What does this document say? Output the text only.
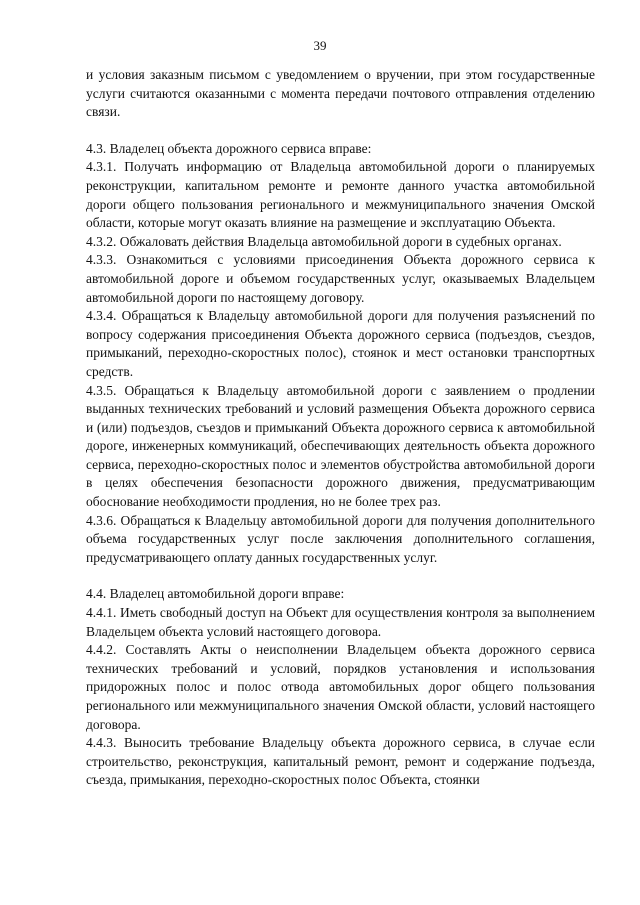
39

и условия заказным письмом с уведомлением о вручении, при этом государственные услуги считаются оказанными с момента передачи почтового отправления отделению связи.

4.3. Владелец объекта дорожного сервиса вправе:

4.3.1. Получать информацию от Владельца автомобильной дороги о планируемых реконструкции, капитальном ремонте и ремонте данного участка автомобильной дороги общего пользования регионального и межмуниципального значения Омской области, которые могут оказать влияние на размещение и эксплуатацию Объекта.

4.3.2. Обжаловать действия Владельца автомобильной дороги в судебных органах.

4.3.3. Ознакомиться с условиями присоединения Объекта дорожного сервиса к автомобильной дороге и объемом государственных услуг, оказываемых Владельцем автомобильной дороги по настоящему договору.

4.3.4. Обращаться к Владельцу автомобильной дороги для получения разъяснений по вопросу содержания присоединения Объекта дорожного сервиса (подъездов, съездов, примыканий, переходно-скоростных полос), стоянок и мест остановки транспортных средств.

4.3.5. Обращаться к Владельцу автомобильной дороги с заявлением о продлении выданных технических требований и условий размещения Объекта дорожного сервиса и (или) подъездов, съездов и примыканий Объекта дорожного сервиса к автомобильной дороге, инженерных коммуникаций, обеспечивающих деятельность объекта дорожного сервиса, переходно-скоростных полос и элементов обустройства автомобильной дороги в целях обеспечения безопасности дорожного движения, предусматривающим обоснование необходимости продления, но не более трех раз.

4.3.6. Обращаться к Владельцу автомобильной дороги для получения дополнительного объема государственных услуг после заключения дополнительного соглашения, предусматривающего оплату данных государственных услуг.

4.4. Владелец автомобильной дороги вправе:

4.4.1. Иметь свободный доступ на Объект для осуществления контроля за выполнением Владельцем объекта условий настоящего договора.

4.4.2. Составлять Акты о неисполнении Владельцем объекта дорожного сервиса технических требований и условий, порядков установления и использования придорожных полос и полос отвода автомобильных дорог общего пользования регионального или межмуниципального значения Омской области, условий настоящего договора.

4.4.3. Выносить требование Владельцу объекта дорожного сервиса, в случае если строительство, реконструкция, капитальный ремонт, ремонт и содержание подъезда, съезда, примыкания, переходно-скоростных полос Объекта, стоянки
